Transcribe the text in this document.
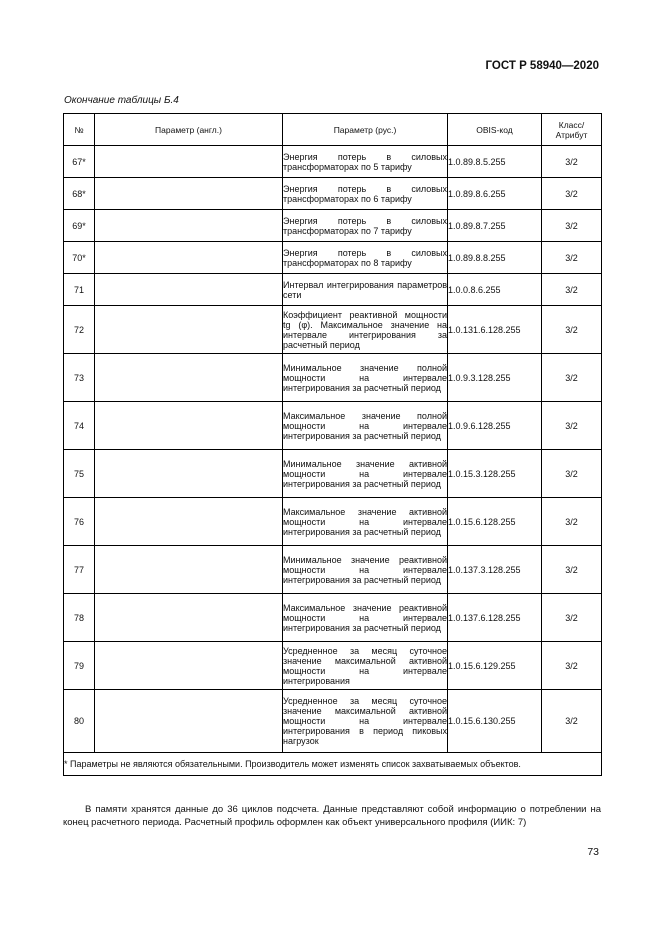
ГОСТ Р 58940—2020
Окончание таблицы Б.4
№	Параметр (англ.)	Параметр (рус.)	OBIS-код	Класс/ Атрибут
67*		Энергия потерь в силовых трансформаторах по 5 тарифу	1.0.89.8.5.255	3/2
68*		Энергия потерь в силовых трансформаторах по 6 тарифу	1.0.89.8.6.255	3/2
69*		Энергия потерь в силовых трансформаторах по 7 тарифу	1.0.89.8.7.255	3/2
70*		Энергия потерь в силовых трансформаторах по 8 тарифу	1.0.89.8.8.255	3/2
71		Интервал интегрирования параметров сети	1.0.0.8.6.255	3/2
72		Коэффициент реактивной мощности tg (φ). Максимальное значение на интервале интегрирования за расчетный период	1.0.131.6.128.255	3/2
73		Минимальное значение полной мощности на интервале интегрирования за расчетный период	1.0.9.3.128.255	3/2
74		Максимальное значение полной мощности на интервале интегрирования за расчетный период	1.0.9.6.128.255	3/2
75		Минимальное значение активной мощности на интервале интегрирования за расчетный период	1.0.15.3.128.255	3/2
76		Максимальное значение активной мощности на интервале интегрирования за расчетный период	1.0.15.6.128.255	3/2
77		Минимальное значение реактивной мощности на интервале интегрирования за расчетный период	1.0.137.3.128.255	3/2
78		Максимальное значение реактивной мощности на интервале интегрирования за расчетный период	1.0.137.6.128.255	3/2
79		Усредненное за месяц суточное значение максимальной активной мощности на интервале интегрирования	1.0.15.6.129.255	3/2
80		Усредненное за месяц суточное значение максимальной активной мощности на интервале интегрирования в период пиковых нагрузок	1.0.15.6.130.255	3/2
* Параметры не являются обязательными. Производитель может изменять список захватываемых объектов.				
В памяти хранятся данные до 36 циклов подсчета. Данные представляют собой информацию о потреблении на конец расчетного периода. Расчетный профиль оформлен как объект универсального профиля (ИИК: 7)
73
